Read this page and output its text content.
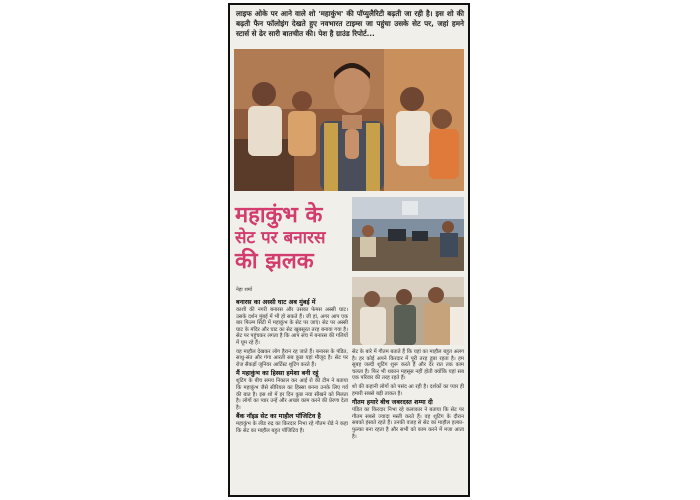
लाइफ ओके पर आने वाले शो 'महाकुंभ' की पॉप्युलैरिटी बढ़ती जा रही है। इस शो की बढ़ती फैन फॉलोइंग देखते हुए नवभारत टाइम्स जा पहुंचा उसके सेट पर, जहां हमने स्टार्स से ढेर सारी बातचीत की। पेश है ग्राउंड रिपोर्ट...
महाकुंभ के
सेट पर बनारस
की झलक
नेहा शर्मा
बनारस का अस्सी घाट अब मुंबई में

काशी की नगरी बनारस और उसका फेमस अस्सी घाट। उसके दर्शन मुंबई में भी हो सकते हैं। जी हां, अगर आप एक बार फिल्म सिटी में महाकुंभ के सेट पर जाएं। सेट पर अस्सी घाट के मंदिर और घाट का सेट खूबसूरत तरह बनाया गया है। सेट पर पहुंचकर लगता है कि आप सच में बनारस की गलियों में घूम रहे हैं।

यह माहौल देखकर लोग हैरान रह जाते हैं। बनारस के पंडित, साधु-संत और गंगा आरती सब कुछ यहां मौजूद है। सेट पर रोज सैकड़ों जूनियर आर्टिस्ट शूटिंग करते हैं।

मैं महाकुंभ का हिस्सा हमेशा बनी रहूं

शूटिंग के बीच समय निकाल कर आई रो की टीम ने बताया कि महाकुंभ जैसे सीरियल का हिस्सा बनना उनके लिए गर्व की बात है। इस शो में हर दिन कुछ नया सीखने को मिलता है। लोगों का प्यार उन्हें और अच्छा काम करने की प्रेरणा देता है।

बैंक नॉइड सेट का माहौल पॉजिटिव है

महाकुंभ के लीड रुद्र का किरदार निभा रहे गौतम रोडे ने कहा कि सेट का माहौल बहुत पॉजिटिव है।

सेट के बारे में गौतम बताते हैं कि यहां का माहौल बहुत अलग है। हर कोई अपने किरदार में पूरी तरह डूबा रहता है। हम सुबह जल्दी शूटिंग शुरू करते हैं और देर रात तक काम चलता है। फिर भी थकान महसूस नहीं होती क्योंकि यहां सब एक परिवार की तरह रहते हैं।

शो की कहानी लोगों को पसंद आ रही है। दर्शकों का प्यार ही हमारी सबसे बड़ी ताकत है।

गौतम हमारे बीच जबरदस्त शम्मा दी

पंडित का किरदार निभा रहे कलाकार ने बताया कि सेट पर गौतम सबसे ज्यादा मस्ती करते हैं। वह शूटिंग के दौरान सबको हंसाते रहते हैं। उनकी वजह से सेट का माहौल हल्का-फुल्का बना रहता है और सभी को काम करने में मजा आता है।
